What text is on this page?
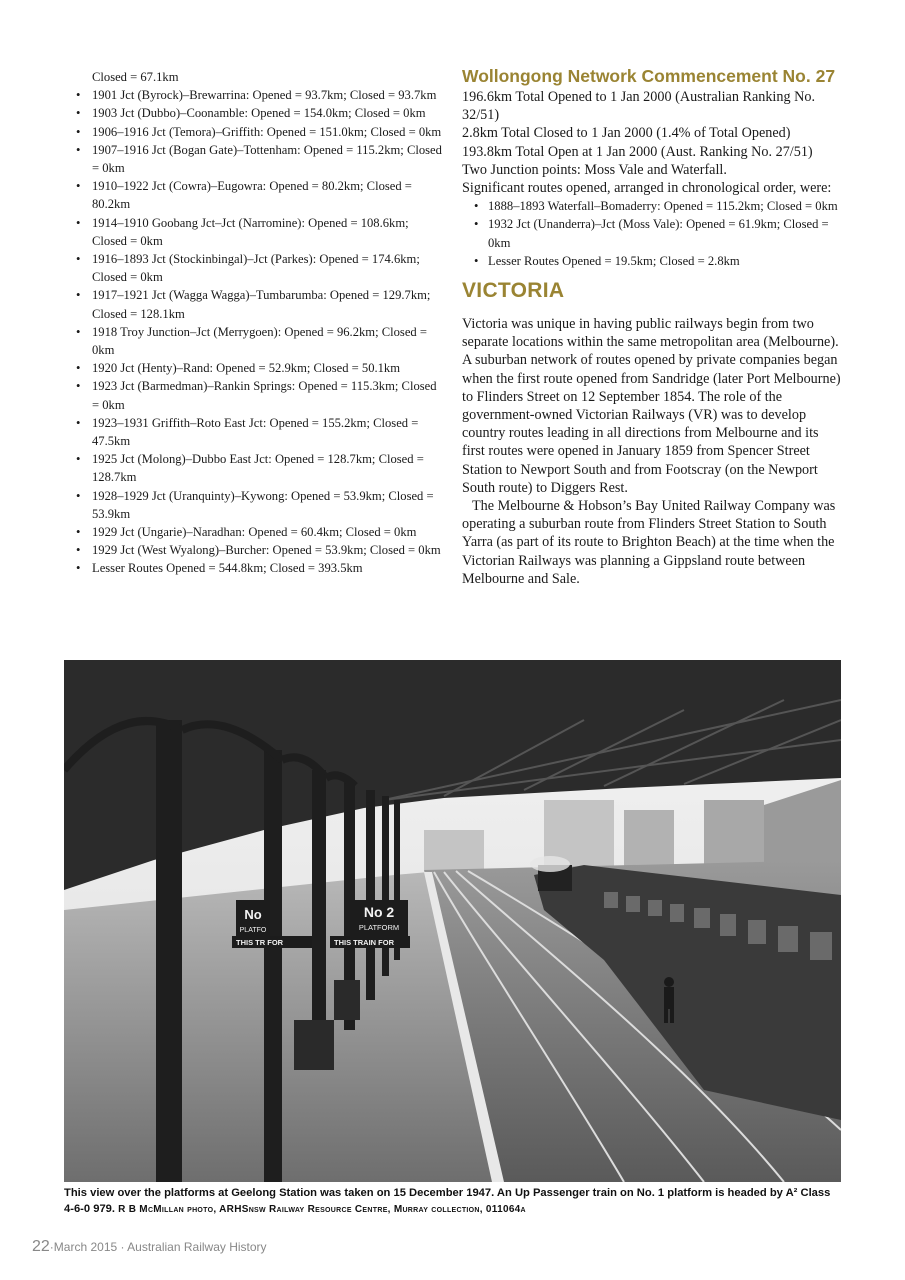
Closed = 67.1km
• 1901 Jct (Byrock)–Brewarrina: Opened = 93.7km; Closed = 93.7km
• 1903 Jct (Dubbo)–Coonamble: Opened = 154.0km; Closed = 0km
• 1906–1916 Jct (Temora)–Griffith: Opened = 151.0km; Closed = 0km
• 1907–1916 Jct (Bogan Gate)–Tottenham: Opened = 115.2km; Closed = 0km
• 1910–1922 Jct (Cowra)–Eugowra: Opened = 80.2km; Closed = 80.2km
• 1914–1910 Goobang Jct–Jct (Narromine): Opened = 108.6km; Closed = 0km
• 1916–1893 Jct (Stockinbingal)–Jct (Parkes): Opened = 174.6km; Closed = 0km
• 1917–1921 Jct (Wagga Wagga)–Tumbarumba: Opened = 129.7km; Closed = 128.1km
• 1918 Troy Junction–Jct (Merrygoen): Opened = 96.2km; Closed = 0km
• 1920 Jct (Henty)–Rand: Opened = 52.9km; Closed = 50.1km
• 1923 Jct (Barmedman)–Rankin Springs: Opened = 115.3km; Closed = 0km
• 1923–1931 Griffith–Roto East Jct: Opened = 155.2km; Closed = 47.5km
• 1925 Jct (Molong)–Dubbo East Jct: Opened = 128.7km; Closed = 128.7km
• 1928–1929 Jct (Uranquinty)–Kywong: Opened = 53.9km; Closed = 53.9km
• 1929 Jct (Ungarie)–Naradhan: Opened = 60.4km; Closed = 0km
• 1929 Jct (West Wyalong)–Burcher: Opened = 53.9km; Closed = 0km
• Lesser Routes Opened = 544.8km; Closed = 393.5km
Wollongong Network Commencement No. 27
196.6km Total Opened to 1 Jan 2000 (Australian Ranking No. 32/51)
2.8km Total Closed to 1 Jan 2000 (1.4% of Total Opened)
193.8km Total Open at 1 Jan 2000 (Aust. Ranking No. 27/51)
Two Junction points: Moss Vale and Waterfall.
Significant routes opened, arranged in chronological order, were:
• 1888–1893 Waterfall–Bomaderry: Opened = 115.2km; Closed = 0km
• 1932 Jct (Unanderra)–Jct (Moss Vale): Opened = 61.9km; Closed = 0km
• Lesser Routes Opened = 19.5km; Closed = 2.8km
VICTORIA

Victoria was unique in having public railways begin from two separate locations within the same metropolitan area (Melbourne). A suburban network of routes opened by private companies began when the first route opened from Sandridge (later Port Melbourne) to Flinders Street on 12 September 1854. The role of the government-owned Victorian Railways (VR) was to develop country routes leading in all directions from Melbourne and its first routes were opened in January 1859 from Spencer Street Station to Newport South and from Footscray (on the Newport South route) to Diggers Rest.

The Melbourne & Hobson’s Bay United Railway Company was operating a suburban route from Flinders Street Station to South Yarra (as part of its route to Brighton Beach) at the time when the Victorian Railways was planning a Gippsland route between Melbourne and Sale.

No
PLATFO
THIS TR FOR
No 2
PLATFORM
THIS TRAIN FOR
This view over the platforms at Geelong Station was taken on 15 December 1947. An Up Passenger train on No. 1 platform is headed by A² Class 4-6-0 979. R B McMillan photo, ARHSnsw Railway Resource Centre, Murray collection, 011064a
22·March 2015 · Australian Railway History
